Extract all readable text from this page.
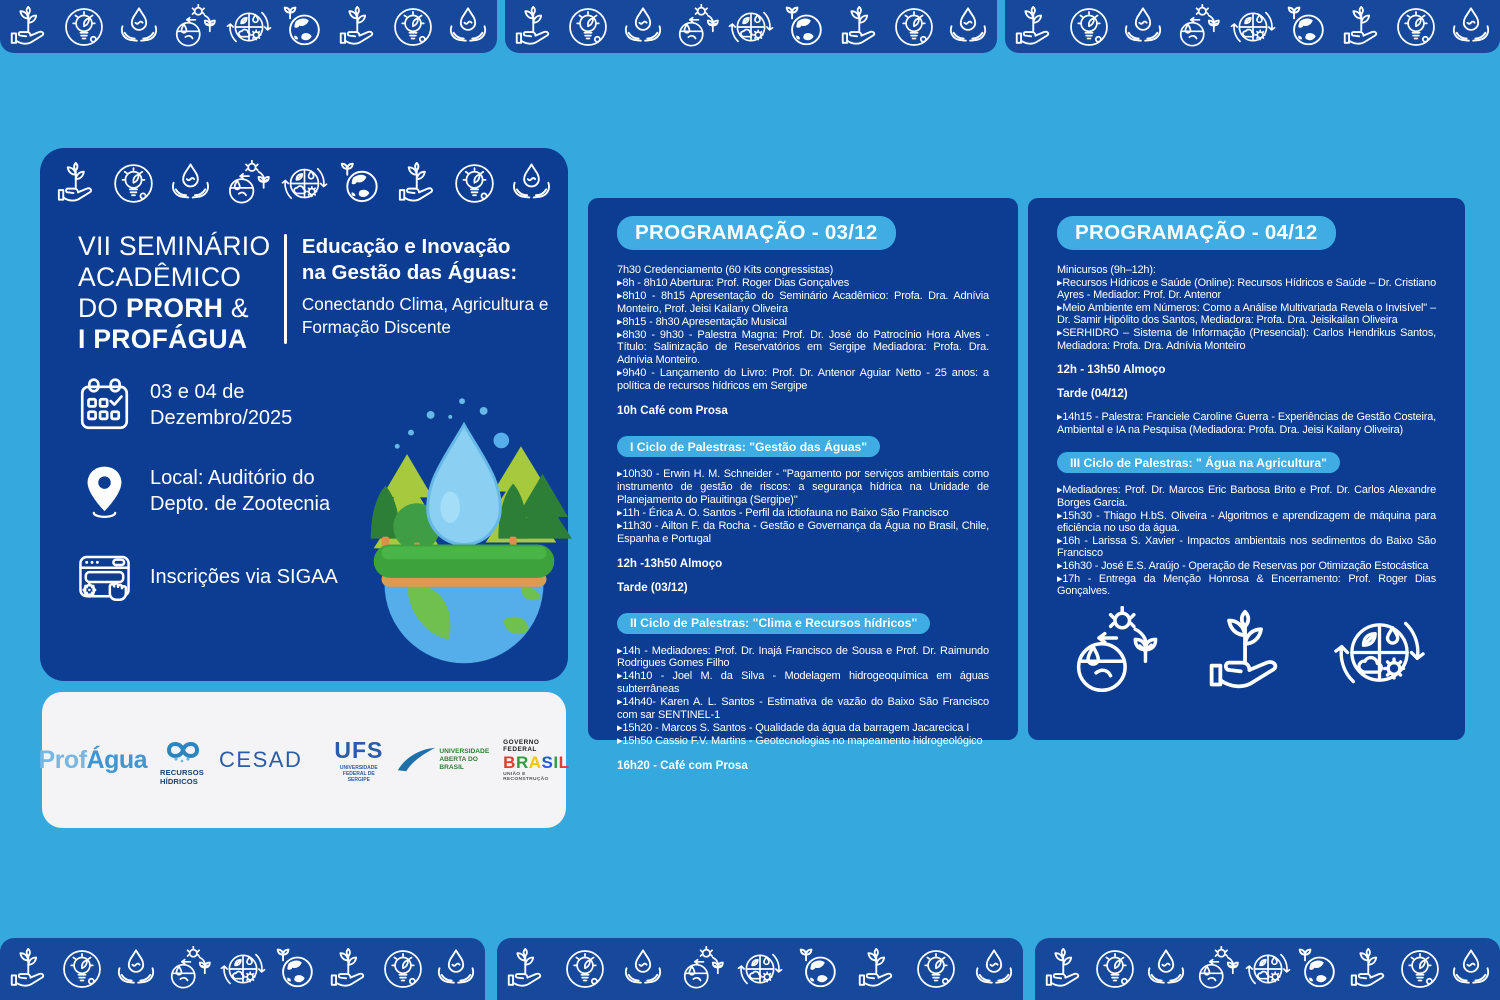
VII SEMINÁRIO
ACADÊMICO
DO PRORH &
I PROFÁGUA
Educação e Inovação
na Gestão das Águas:
Conectando Clima, Agricultura e
Formação Discente
03 e 04 de
Dezembro/2025
Local: Auditório do
Depto. de Zootecnia
Inscrições via SIGAA
ProfÁgua RECURSOS HÍDRICOS
CESAD UFS
UNIVERSIDADE
FEDERAL DE
SERGIPE
UNIVERSIDADE
ABERTA DO BRASIL
GOVERNO FEDERAL
BRASIL
UNIÃO E RECONSTRUÇÃO
PROGRAMAÇÃO - 03/12
7h30 Credenciamento (60 Kits congressistas)
▸8h - 8h10 Abertura: Prof. Roger Dias Gonçalves
▸8h10 - 8h15 Apresentação do Seminário Acadêmico: Profa. Dra. Adnívia Monteiro, Prof. Jeisi Kailany Oliveira
▸8h15 - 8h30 Apresentação Musical
▸8h30 - 9h30 - Palestra Magna: Prof. Dr. José do Patrocínio Hora Alves - Título: Salinização de Reservatórios em Sergipe Mediadora: Profa. Dra. Adnívia Monteiro.
▸9h40 - Lançamento do Livro: Prof. Dr. Antenor Aguiar Netto - 25 anos: a política de recursos hídricos em Sergipe
10h Café com Prosa
I Ciclo de Palestras: "Gestão das Águas"
▸10h30 - Erwin H. M. Schneider - "Pagamento por serviços ambientais como instrumento de gestão de riscos: a segurança hídrica na Unidade de Planejamento do Piauitinga (Sergipe)"
▸11h - Érica A. O. Santos - Perfil da ictiofauna no Baixo São Francisco
▸11h30 - Ailton F. da Rocha - Gestão e Governança da Água no Brasil, Chile, Espanha e Portugal
12h -13h50 Almoço
Tarde (03/12)
II Ciclo de Palestras: "Clima e Recursos hídricos"
▸14h - Mediadores: Prof. Dr. Inajá Francisco de Sousa e Prof. Dr. Raimundo Rodrigues Gomes Filho
▸14h10 - Joel M. da Silva - Modelagem hidrogeoquímica em águas subterrâneas
▸14h40- Karen A. L. Santos - Estimativa de vazão do Baixo São Francisco com sar SENTINEL-1
▸15h20 - Marcos S. Santos - Qualidade da água da barragem Jacarecica I
▸15h50 Cassio F.V. Martins - Geotecnologias no mapeamento hidrogeológico
16h20 - Café com Prosa
PROGRAMAÇÃO - 04/12
Minicursos (9h–12h):
▸Recursos Hídricos e Saúde (Online): Recursos Hídricos e Saúde – Dr. Cristiano Ayres - Mediador: Prof. Dr. Antenor
▸Meio Ambiente em Números: Como a Análise Multivariada Revela o Invisível" – Dr. Samir Hipólito dos Santos, Mediadora: Profa. Dra. Jeisikailan Oliveira
▸SERHIDRO – Sistema de Informação (Presencial): Carlos Hendrikus Santos, Mediadora: Profa. Dra. Adnívia Monteiro
12h - 13h50 Almoço
Tarde (04/12)
▸14h15 - Palestra: Franciele Caroline Guerra - Experiências de Gestão Costeira, Ambiental e IA na Pesquisa (Mediadora: Profa. Dra. Jeisi Kailany Oliveira)
III Ciclo de Palestras: " Água na Agricultura"
▸Mediadores: Prof. Dr. Marcos Eric Barbosa Brito e Prof. Dr. Carlos Alexandre Borges Garcia.
▸15h30 - Thiago H.bS. Oliveira - Algoritmos e aprendizagem de máquina para eficiência no uso da água.
▸16h - Larissa S. Xavier - Impactos ambientais nos sedimentos do Baixo São Francisco
▸16h30 - José E.S. Araújo - Operação de Reservas por Otimização Estocástica
▸17h - Entrega da Menção Honrosa & Encerramento: Prof. Roger Dias Gonçalves.
